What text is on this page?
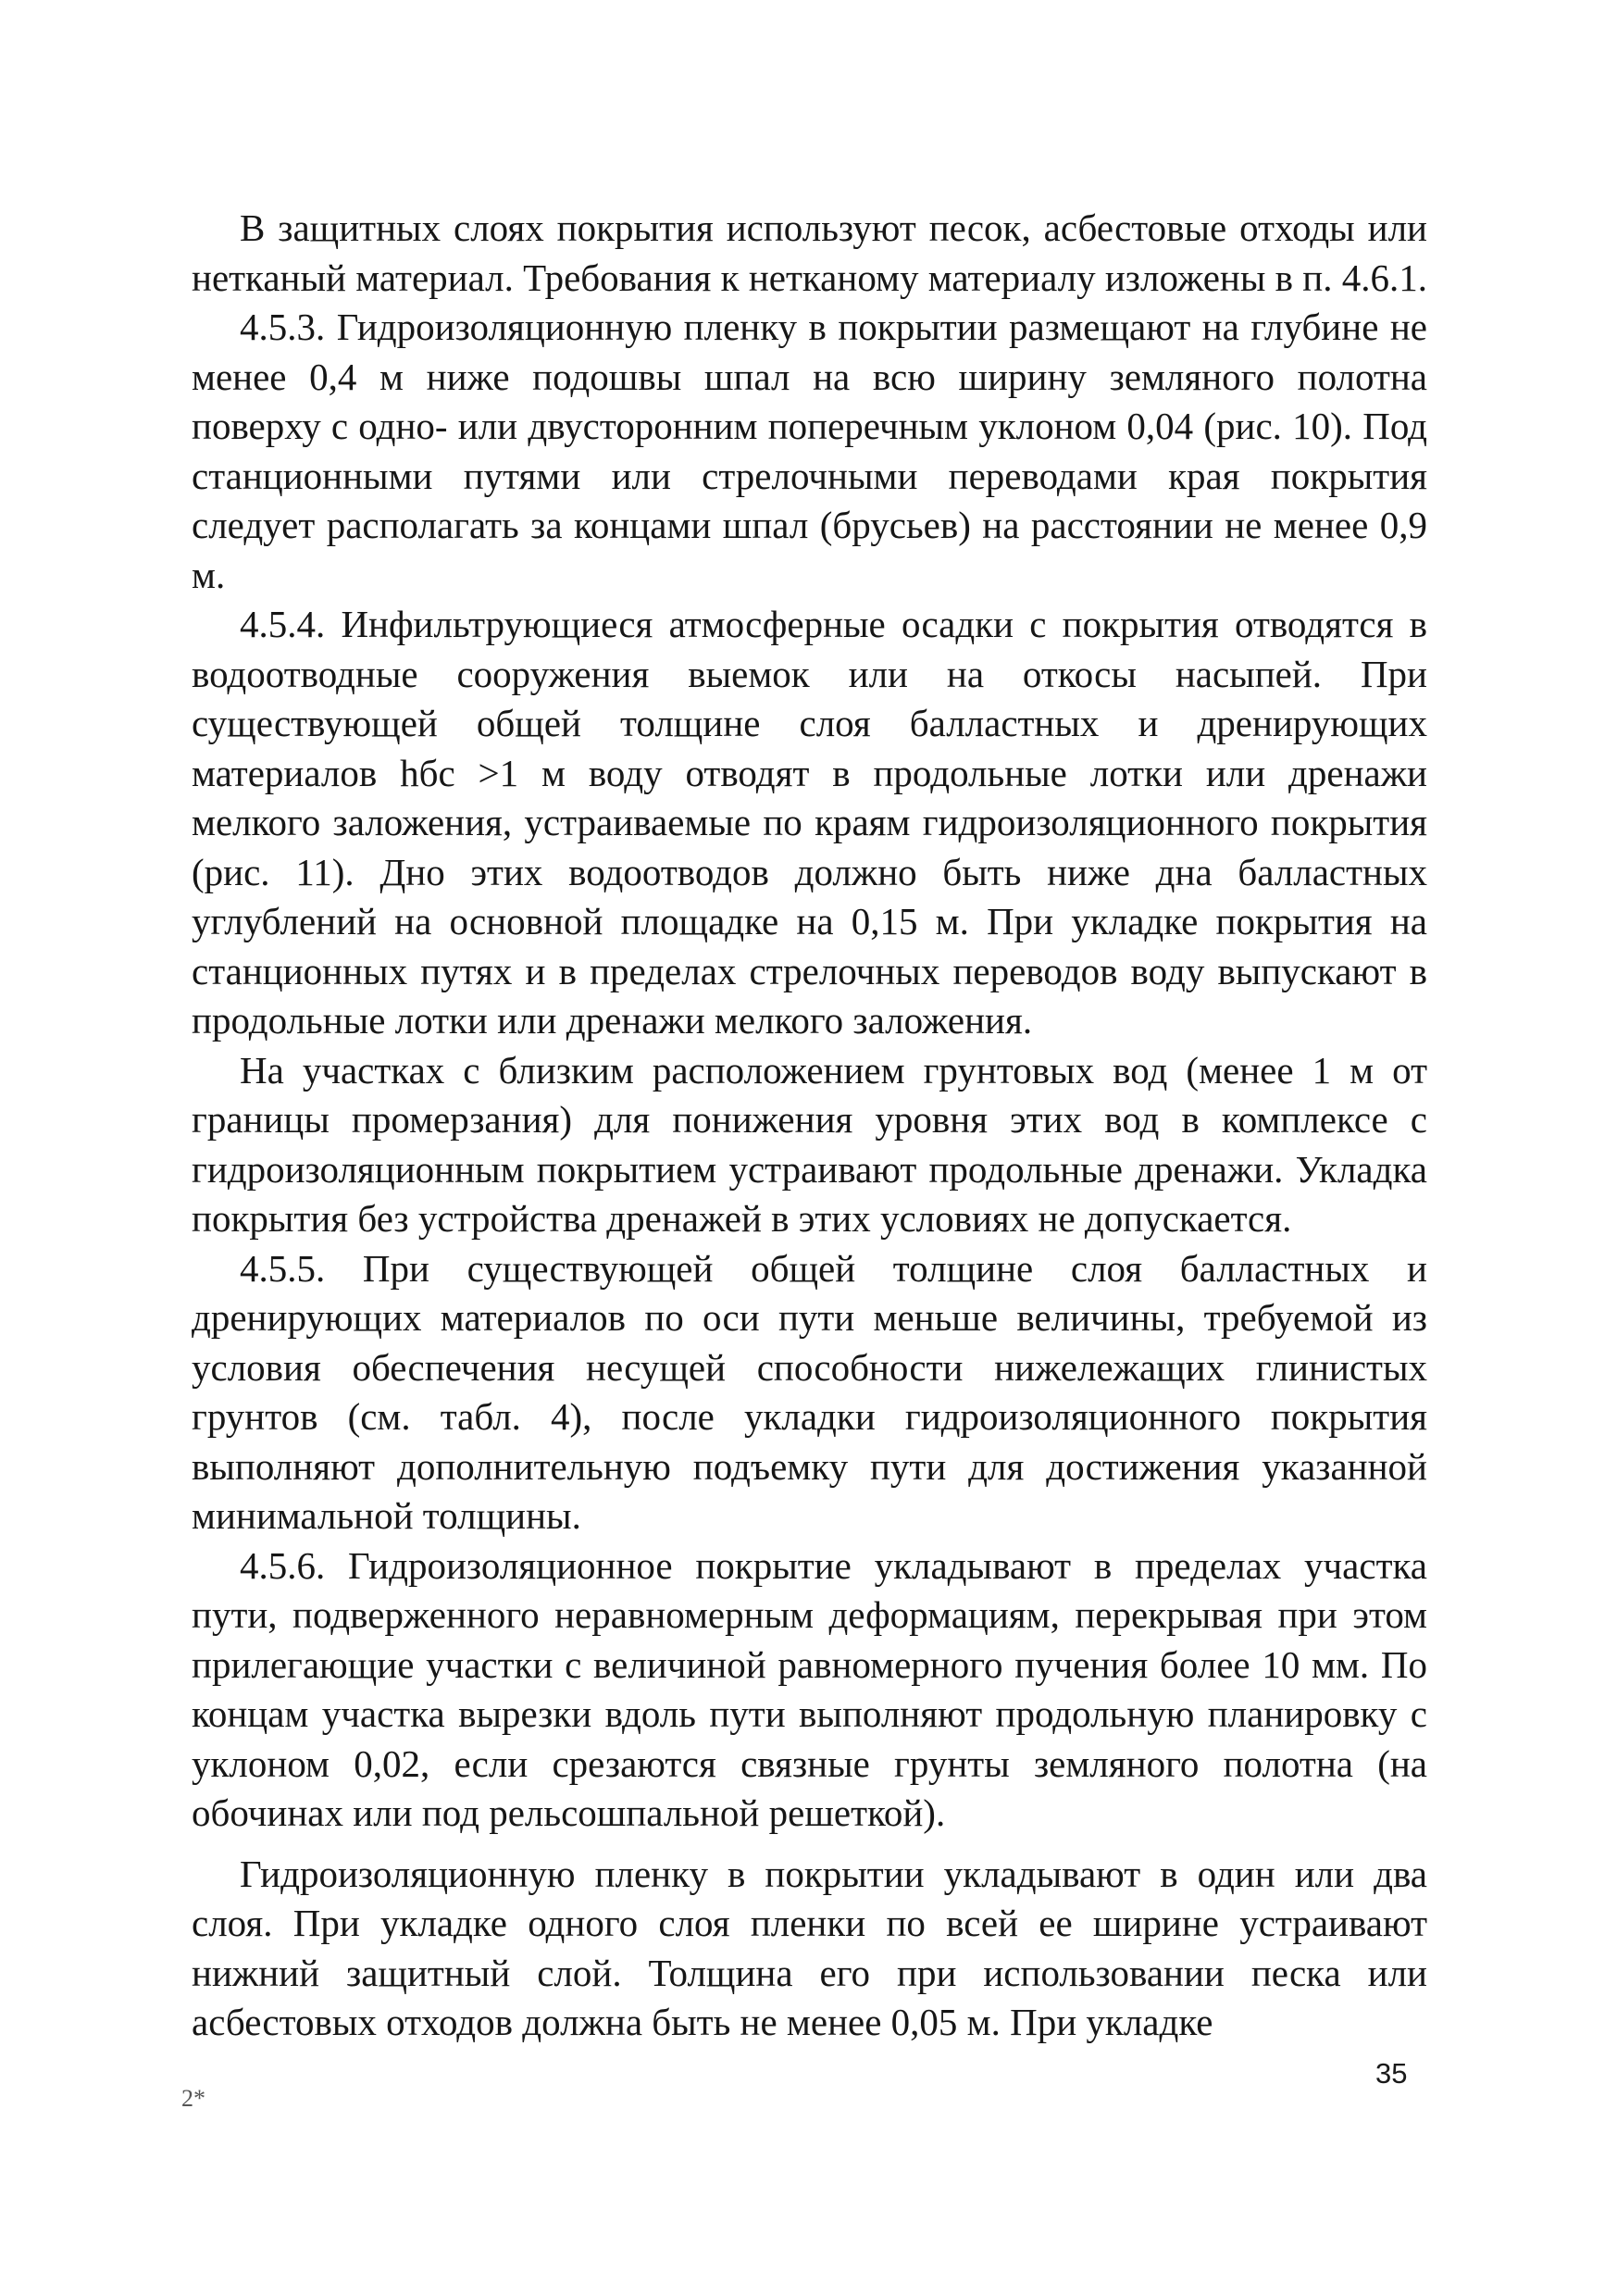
В защитных слоях покрытия используют песок, асбестовые отходы или нетканый материал. Требования к нетканому материалу изложены в п. 4.6.1.

4.5.3. Гидроизоляционную пленку в покрытии размещают на глубине не менее 0,4 м ниже подошвы шпал на всю ширину земляного полотна поверху с одно- или двусторонним поперечным уклоном 0,04 (рис. 10). Под станционными путями или стрелочными переводами края покрытия следует располагать за концами шпал (брусьев) на расстоянии не менее 0,9 м.

4.5.4. Инфильтрующиеся атмосферные осадки с покрытия отводятся в водоотводные сооружения выемок или на откосы насыпей. При существующей общей толщине слоя балластных и дренирующих материалов hбс >1 м воду отводят в продольные лотки или дренажи мелкого заложения, устраиваемые по краям гидроизоляционного покрытия (рис. 11). Дно этих водоотводов должно быть ниже дна балластных углублений на основной площадке на 0,15 м. При укладке покрытия на станционных путях и в пределах стрелочных переводов воду выпускают в продольные лотки или дренажи мелкого заложения.

На участках с близким расположением грунтовых вод (менее 1 м от границы промерзания) для понижения уровня этих вод в комплексе с гидроизоляционным покрытием устраивают продольные дренажи. Укладка покрытия без устройства дренажей в этих условиях не допускается.

4.5.5. При существующей общей толщине слоя балластных и дренирующих материалов по оси пути меньше величины, требуемой из условия обеспечения несущей способности нижележащих глинистых грунтов (см. табл. 4), после укладки гидроизоляционного покрытия выполняют дополнительную подъемку пути для достижения указанной минимальной толщины.

4.5.6. Гидроизоляционное покрытие укладывают в пределах участка пути, подверженного неравномерным деформациям, перекрывая при этом прилегающие участки с величиной равномерного пучения более 10 мм. По концам участка вырезки вдоль пути выполняют продольную планировку с уклоном 0,02, если срезаются связные грунты земляного полотна (на обочинах или под рельсошпальной решеткой).

Гидроизоляционную пленку в покрытии укладывают в один или два слоя. При укладке одного слоя пленки по всей ее ширине устраивают нижний защитный слой. Толщина его при использовании песка или асбестовых отходов должна быть не менее 0,05 м. При укладке

35
2*
